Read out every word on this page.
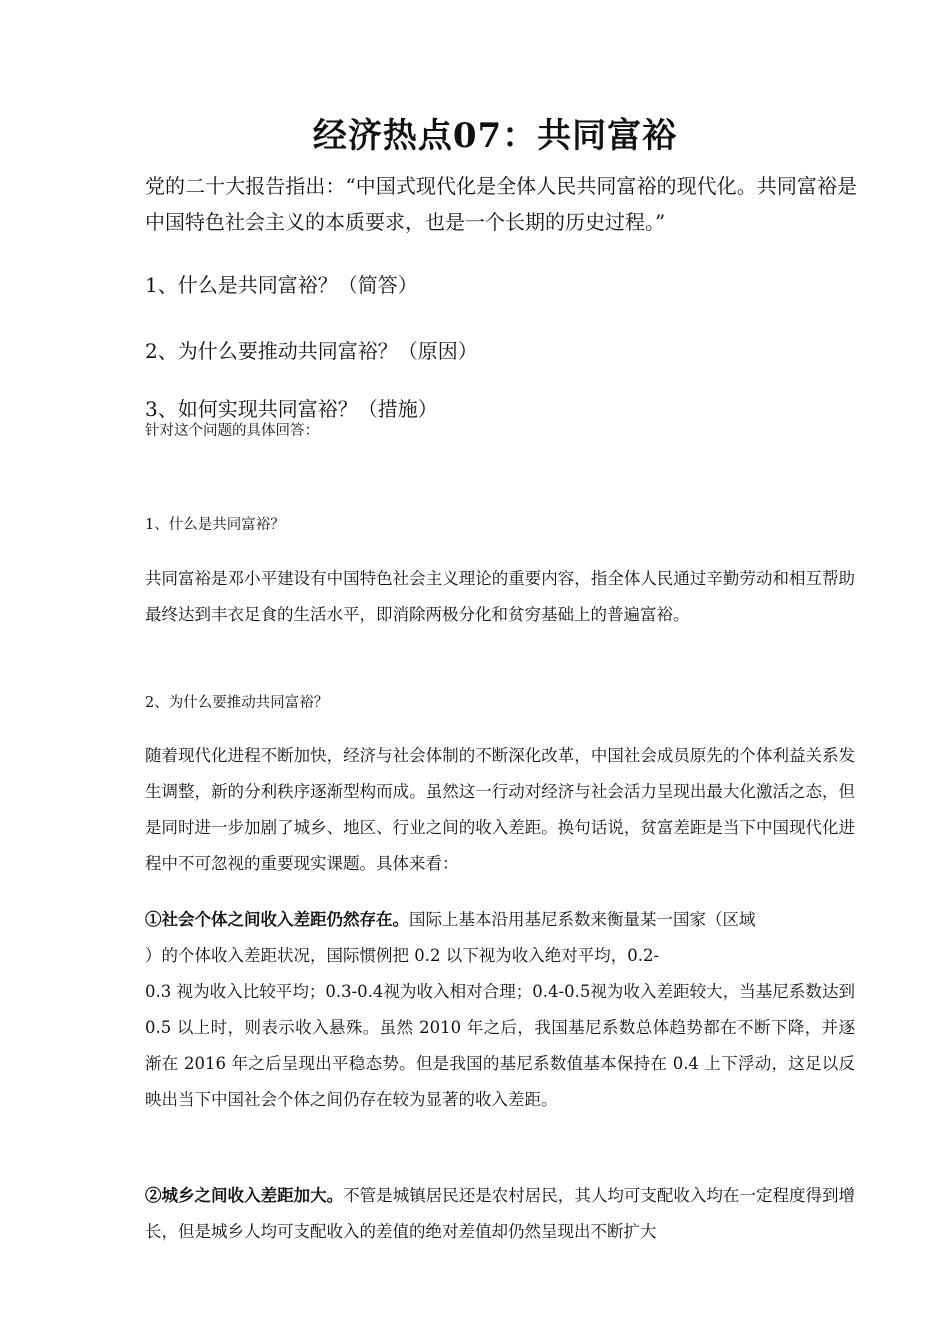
经济热点07：共同富裕
党的二十大报告指出：“中国式现代化是全体人民共同富裕的现代化。共同富裕是中国特色社会主义的本质要求，也是一个长期的历史过程。”
1、什么是共同富裕？（简答）
2、为什么要推动共同富裕？（原因）
3、如何实现共同富裕？（措施）
针对这个问题的具体回答：
1、什么是共同富裕？
共同富裕是邓小平建设有中国特色社会主义理论的重要内容，指全体人民通过辛勤劳动和相互帮助最终达到丰衣足食的生活水平，即消除两极分化和贫穷基础上的普遍富裕。
2、为什么要推动共同富裕？
随着现代化进程不断加快，经济与社会体制的不断深化改革，中国社会成员原先的个体利益关系发生调整，新的分利秩序逐渐型构而成。虽然这一行动对经济与社会活力呈现出最大化激活之态，但是同时进一步加剧了城乡、地区、行业之间的收入差距。换句话说，贫富差距是当下中国现代化进程中不可忽视的重要现实课题。具体来看：
①社会个体之间收入差距仍然存在。国际上基本沿用基尼系数来衡量某一国家（区域
）的个体收入差距状况，国际惯例把 0.2 以下视为收入绝对平均，0.2-
0.3 视为收入比较平均；0.3-0.4视为收入相对合理；0.4-0.5视为收入差距较大，当基尼系数达到 0.5 以上时，则表示收入悬殊。虽然 2010 年之后，我国基尼系数总体趋势都在不断下降，并逐渐在 2016 年之后呈现出平稳态势。但是我国的基尼系数值基本保持在 0.4 上下浮动，这足以反映出当下中国社会个体之间仍存在较为显著的收入差距。
②城乡之间收入差距加大。不管是城镇居民还是农村居民，其人均可支配收入均在一定程度得到增长，但是城乡人均可支配收入的差值的绝对差值却仍然呈现出不断扩大
